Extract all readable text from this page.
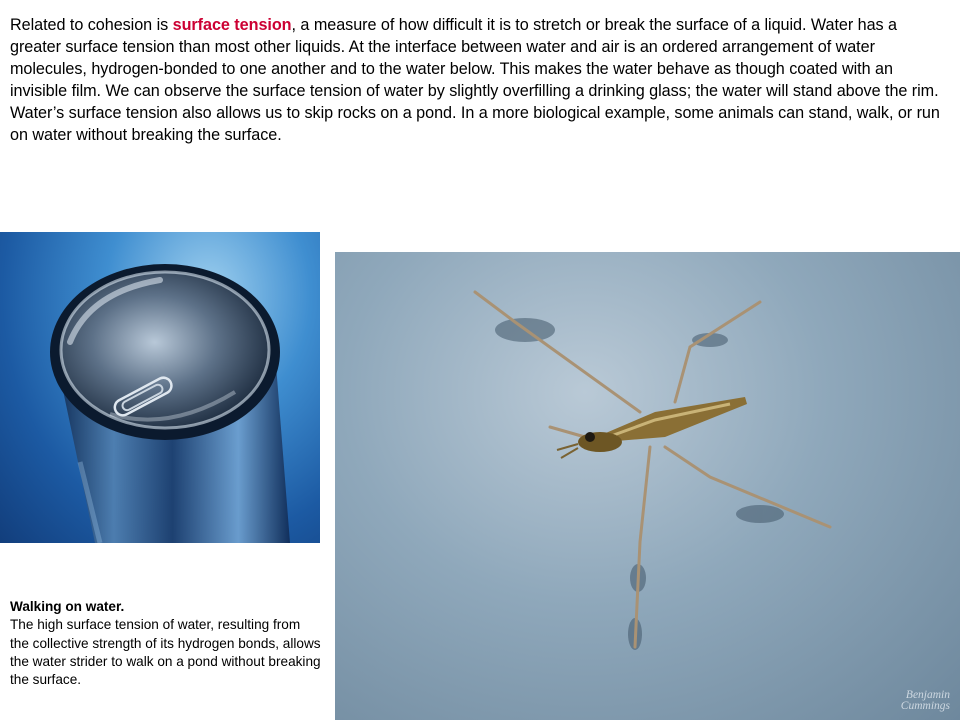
Related to cohesion is surface tension, a measure of how difficult it is to stretch or break the surface of a liquid. Water has a greater surface tension than most other liquids. At the interface between water and air is an ordered arrangement of water molecules, hydrogen-bonded to one another and to the water below. This makes the water behave as though coated with an invisible film. We can observe the surface tension of water by slightly overfilling a drinking glass; the water will stand above the rim. Water’s surface tension also allows us to skip rocks on a pond. In a more biological example, some animals can stand, walk, or run on water without breaking the surface.

Benjamin
Cummings

Walking on water.
The high surface tension of water, resulting from the collective strength of its hydrogen bonds, allows the water strider to walk on a pond without breaking the surface.
